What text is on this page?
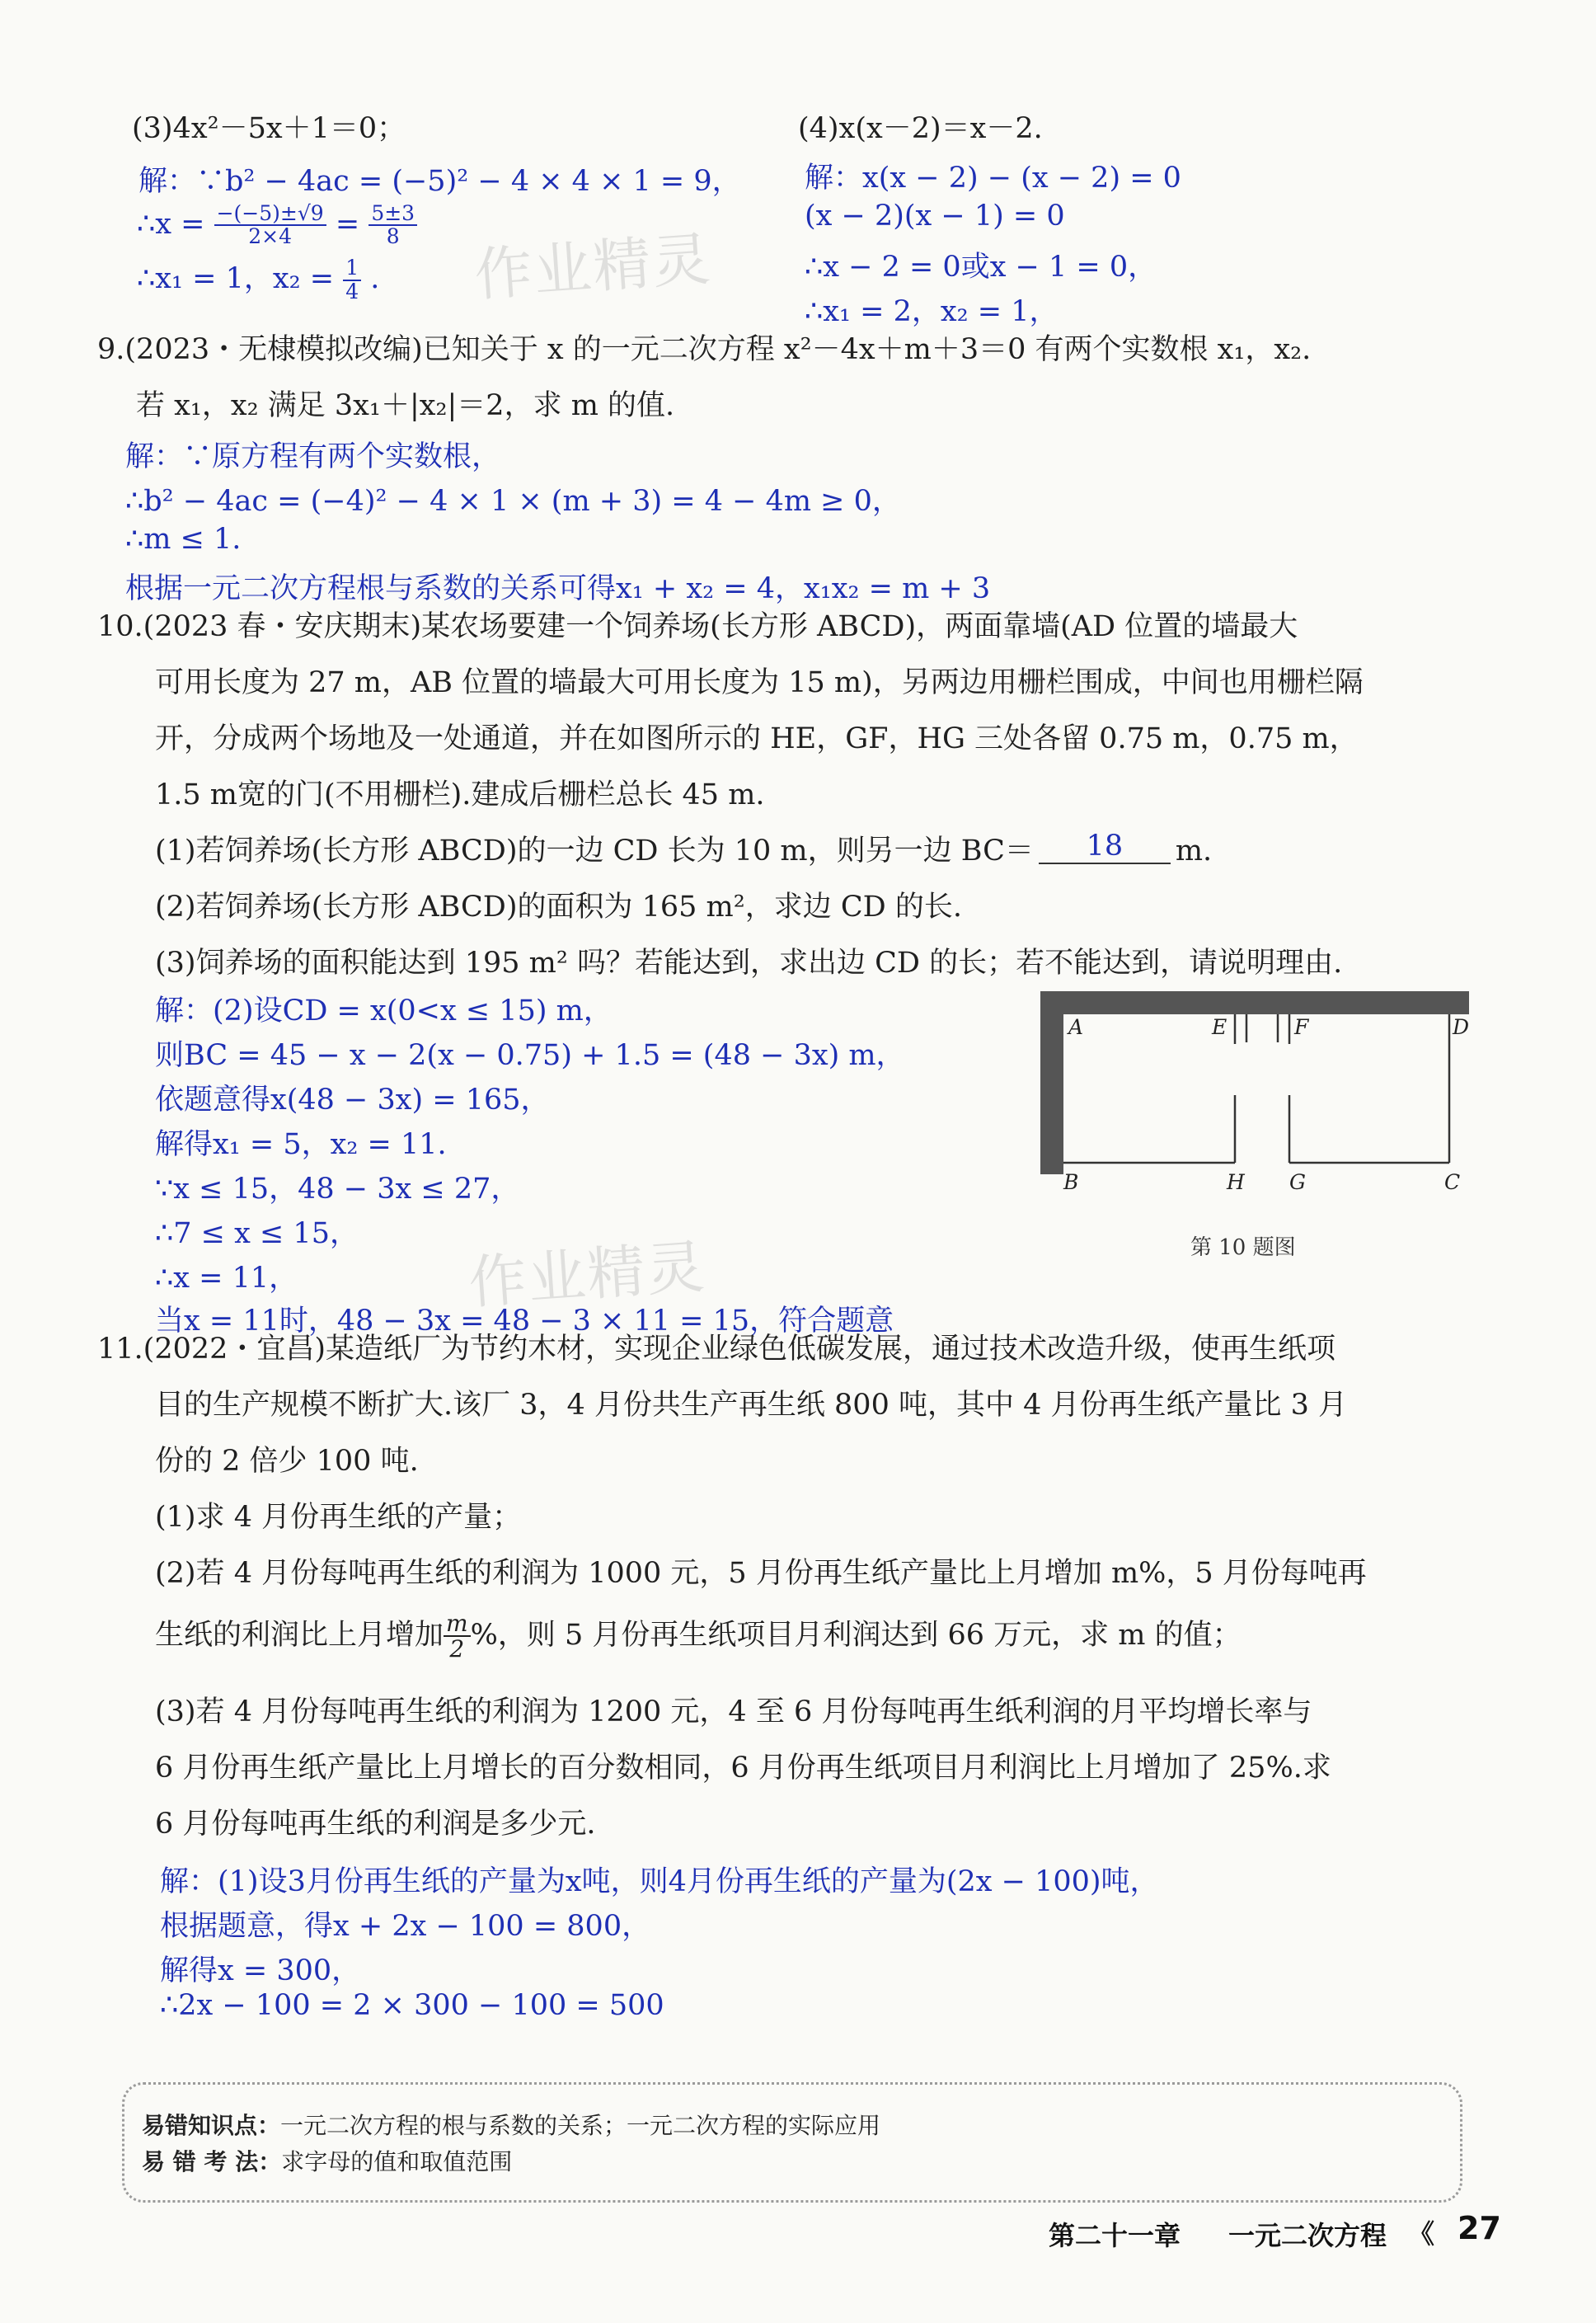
(3)4x²－5x＋1＝0；
解：∵b² − 4ac = (−5)² − 4 × 4 × 1 = 9，
∴x = $\frac{-(-5)\pm√9}{2\times 4} = \frac{5\pm 3}{8}$
∴x₁ = 1，$x_2 = \frac{1}{4}$ . 作业精灵
(4)x(x－2)＝x－2.
解：x(x − 2) − (x − 2) = 0
(x − 2)(x − 1) = 0
∴x − 2 = 0或x − 1 = 0，
∴x₁ = 2，x₂ = 1，
9.(2023・无棣模拟改编)已知关于 x 的一元二次方程 x²－4x＋m＋3＝0 有两个实数根 x₁，x₂.
若 x₁，x₂ 满足 3x₁＋|x₂|＝2，求 m 的值.
解：∵原方程有两个实数根，
∴b² − 4ac = (−4)² − 4 × 1 × (m + 3) = 4 − 4m ≥ 0，
∴m ≤ 1.
根据一元二次方程根与系数的关系可得x₁ + x₂ = 4，x₁x₂ = m + 3
10.(2023 春・安庆期末)某农场要建一个饲养场(长方形 ABCD)，两面靠墙(AD 位置的墙最大
可用长度为 27 m，AB 位置的墙最大可用长度为 15 m)，另两边用栅栏围成，中间也用栅栏隔
开，分成两个场地及一处通道，并在如图所示的 HE，GF，HG 三处各留 0.75 m，0.75 m，
1.5 m宽的门(不用栅栏).建成后栅栏总长 45 m.
(1)若饲养场(长方形 ABCD)的一边 CD 长为 10 m，则另一边 BC＝ 18 m.
(2)若饲养场(长方形 ABCD)的面积为 165 m²，求边 CD 的长.
(3)饲养场的面积能达到 195 m² 吗？若能达到，求出边 CD 的长；若不能达到，请说明理由.
解：(2)设CD = x(0<x ≤ 15) m，
则BC = 45 − x − 2(x − 0.75) + 1.5 = (48 − 3x) m，
依题意得x(48 − 3x) = 165，
解得x₁ = 5，x₂ = 11.
∵x ≤ 15，48 − 3x ≤ 27，
∴7 ≤ x ≤ 15，
∴x = 11，
当x = 11时，48 − 3x = 48 − 3 × 11 = 15，符合题意
作业精灵
A	E	F	D
B	H G	C
第 10 题图
11.(2022・宜昌)某造纸厂为节约木材，实现企业绿色低碳发展，通过技术改造升级，使再生纸项
目的生产规模不断扩大.该厂 3，4 月份共生产再生纸 800 吨，其中 4 月份再生纸产量比 3 月
份的 2 倍少 100 吨.
(1)求 4 月份再生纸的产量；
(2)若 4 月份每吨再生纸的利润为 1000 元，5 月份再生纸产量比上月增加 m%，5 月份每吨再
生纸的利润比上月增加 $\frac{m}{2}$ %，则 5 月份再生纸项目月利润达到 66 万元，求 m 的值；
(3)若 4 月份每吨再生纸的利润为 1200 元，4 至 6 月份每吨再生纸利润的月平均增长率与
6 月份再生纸产量比上月增长的百分数相同，6 月份再生纸项目月利润比上月增加了 25%.求
6 月份每吨再生纸的利润是多少元.
解：(1)设3月份再生纸的产量为x吨，则4月份再生纸的产量为(2x − 100)吨，
根据题意，得x + 2x − 100 = 800，
解得x = 300，
∴2x − 100 = 2 × 300 − 100 = 500
易错知识点：一元二次方程的根与系数的关系；一元二次方程的实际应用
易 错 考 法：求字母的值和取值范围
第二十一章 一元二次方程 《 27
